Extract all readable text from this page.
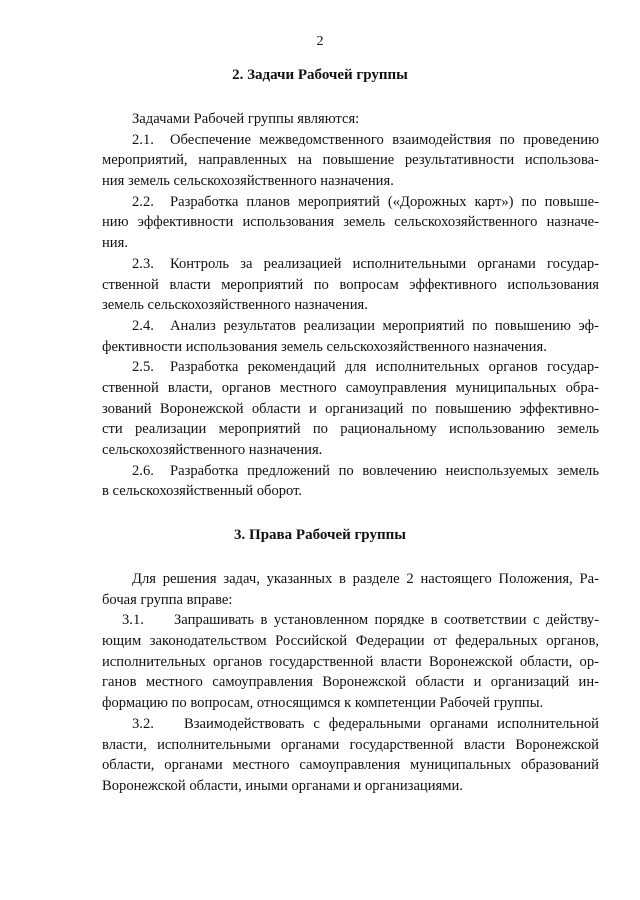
2
2. Задачи Рабочей группы
Задачами Рабочей группы являются:
2.1. Обеспечение межведомственного взаимодействия по проведению
мероприятий, направленных на повышение результативности использова-
ния земель сельскохозяйственного назначения.
2.2. Разработка планов мероприятий («Дорожных карт») по повыше-
нию эффективности использования земель сельскохозяйственного назначе-
ния.
2.3. Контроль за реализацией исполнительными органами государ-
ственной власти мероприятий по вопросам эффективного использования
земель сельскохозяйственного назначения.
2.4. Анализ результатов реализации мероприятий по повышению эф-
фективности использования земель сельскохозяйственного назначения.
2.5. Разработка рекомендаций для исполнительных органов государ-
ственной власти, органов местного самоуправления муниципальных обра-
зований Воронежской области и организаций по повышению эффективно-
сти реализации мероприятий по рациональному использованию земель
сельскохозяйственного назначения.
2.6. Разработка предложений по вовлечению неиспользуемых земель
в сельскохозяйственный оборот.
3. Права Рабочей группы
Для решения задач, указанных в разделе 2 настоящего Положения, Ра-
бочая группа вправе:
3.1. Запрашивать в установленном порядке в соответствии с действу-
ющим законодательством Российской Федерации от федеральных органов,
исполнительных органов государственной власти Воронежской области, ор-
ганов местного самоуправления Воронежской области и организаций ин-
формацию по вопросам, относящимся к компетенции Рабочей группы.
3.2. Взаимодействовать с федеральными органами исполнительной
власти, исполнительными органами государственной власти Воронежской
области, органами местного самоуправления муниципальных образований
Воронежской области, иными органами и организациями.
